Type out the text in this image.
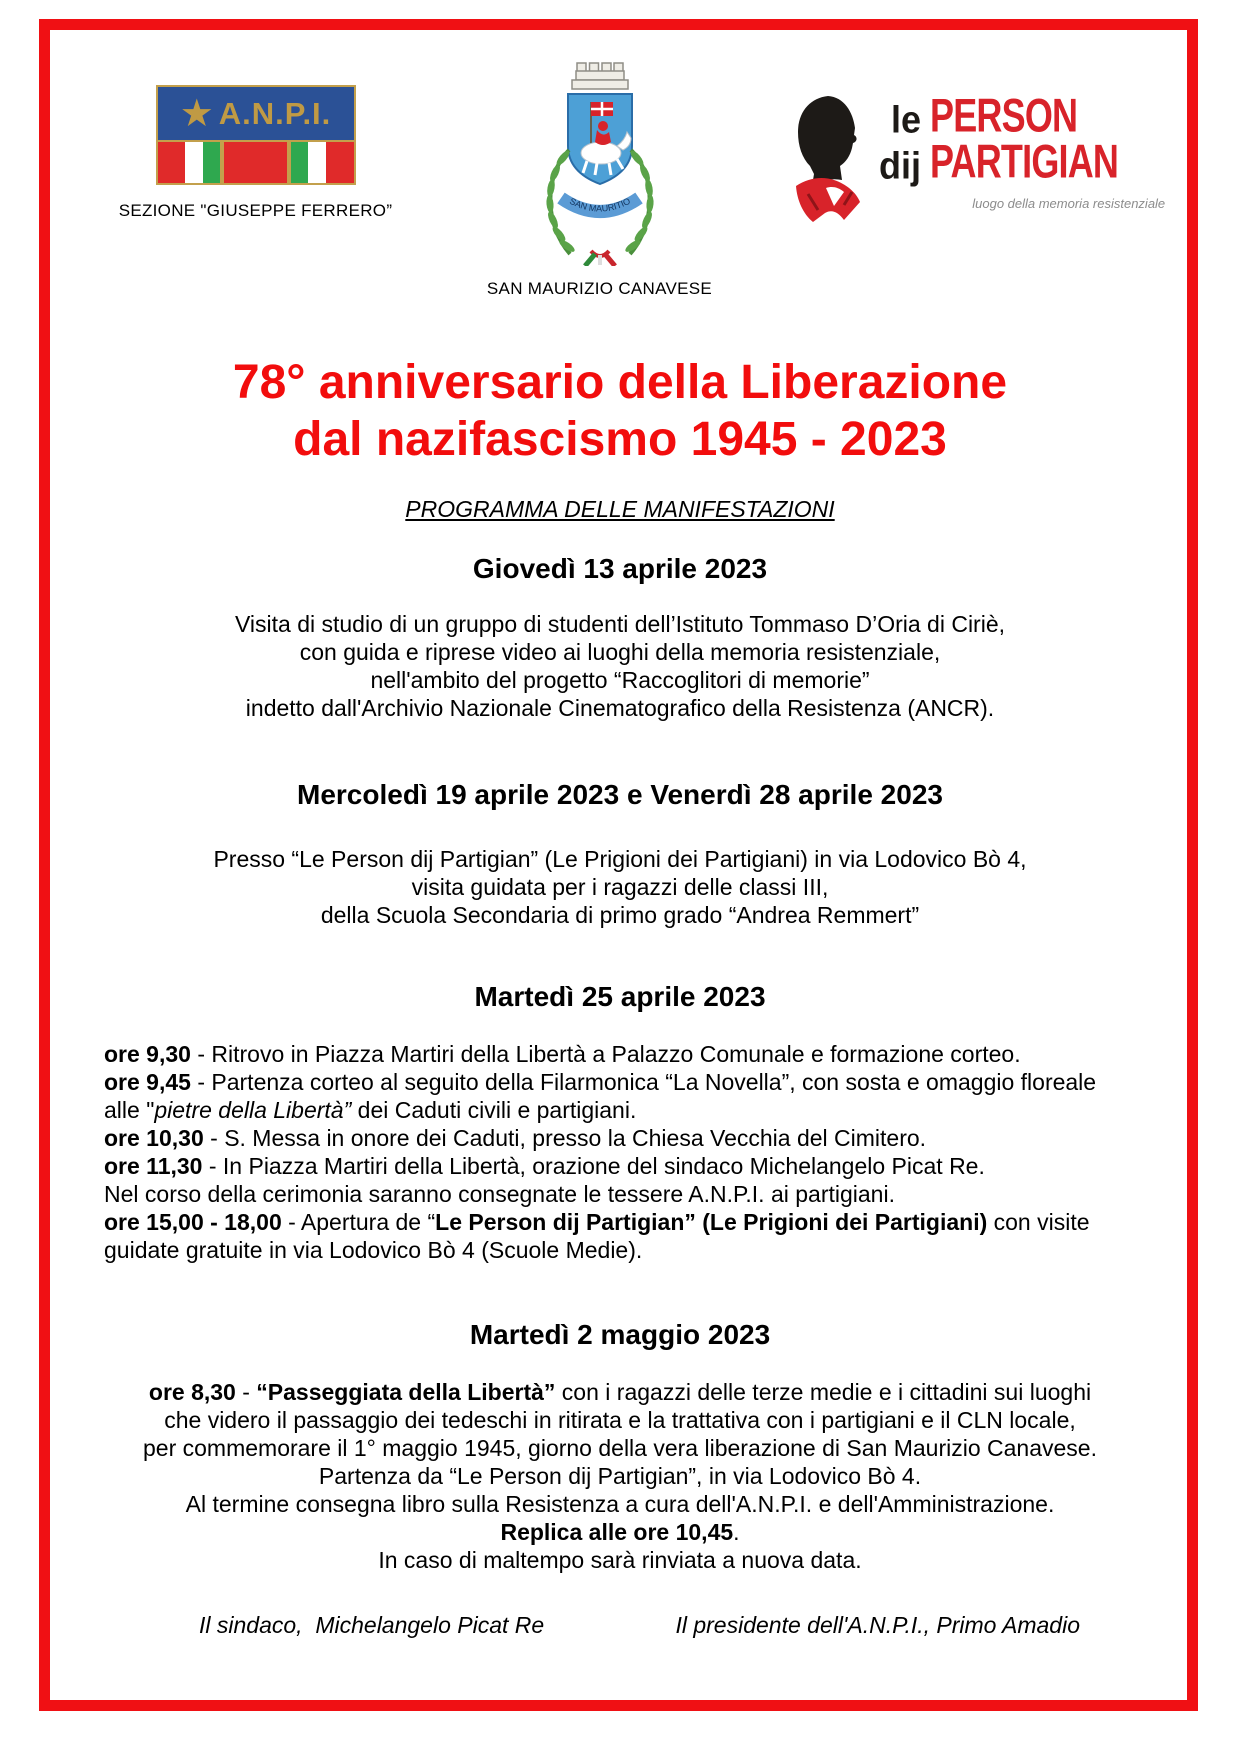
★ A.N.P.I.
SEZIONE "GIUSEPPE FERRERO”	SAN MAURITIO
SAN MAURIZIO CANAVESE
le PERSON
dij PARTIGIAN
luogo della memoria resistenziale
78° anniversario della Liberazione
dal nazifascismo 1945 - 2023
PROGRAMMA DELLE MANIFESTAZIONI
Giovedì 13 aprile 2023
Visita di studio di un gruppo di studenti dell’Istituto Tommaso D’Oria di Ciriè,
con guida e riprese video ai luoghi della memoria resistenziale,
nell'ambito del progetto “Raccoglitori di memorie”
indetto dall'Archivio Nazionale Cinematografico della Resistenza (ANCR).
Mercoledì 19 aprile 2023 e Venerdì 28 aprile 2023
Presso “Le Person dij Partigian” (Le Prigioni dei Partigiani) in via Lodovico Bò 4,
visita guidata per i ragazzi delle classi III,
della Scuola Secondaria di primo grado “Andrea Remmert”
Martedì 25 aprile 2023
ore 9,30 - Ritrovo in Piazza Martiri della Libertà a Palazzo Comunale e formazione corteo.
ore 9,45 - Partenza corteo al seguito della Filarmonica “La Novella”, con sosta e omaggio floreale alle "pietre della Libertà” dei Caduti civili e partigiani.
ore 10,30 - S. Messa in onore dei Caduti, presso la Chiesa Vecchia del Cimitero.
ore 11,30 - In Piazza Martiri della Libertà, orazione del sindaco Michelangelo Picat Re.
Nel corso della cerimonia saranno consegnate le tessere A.N.P.I. ai partigiani.
ore 15,00 - 18,00 - Apertura de “Le Person dij Partigian” (Le Prigioni dei Partigiani) con visite guidate gratuite in via Lodovico Bò 4 (Scuole Medie).
Martedì 2 maggio 2023
ore 8,30 - “Passeggiata della Libertà” con i ragazzi delle terze medie e i cittadini sui luoghi
che videro il passaggio dei tedeschi in ritirata e la trattativa con i partigiani e il CLN locale,
per commemorare il 1° maggio 1945, giorno della vera liberazione di San Maurizio Canavese.
Partenza da “Le Person dij Partigian”, in via Lodovico Bò 4.
Al termine consegna libro sulla Resistenza a cura dell'A.N.P.I. e dell'Amministrazione.
Replica alle ore 10,45.
In caso di maltempo sarà rinviata a nuova data.
Il sindaco,  Michelangelo Picat Re	Il presidente dell'A.N.P.I., Primo Amadio
